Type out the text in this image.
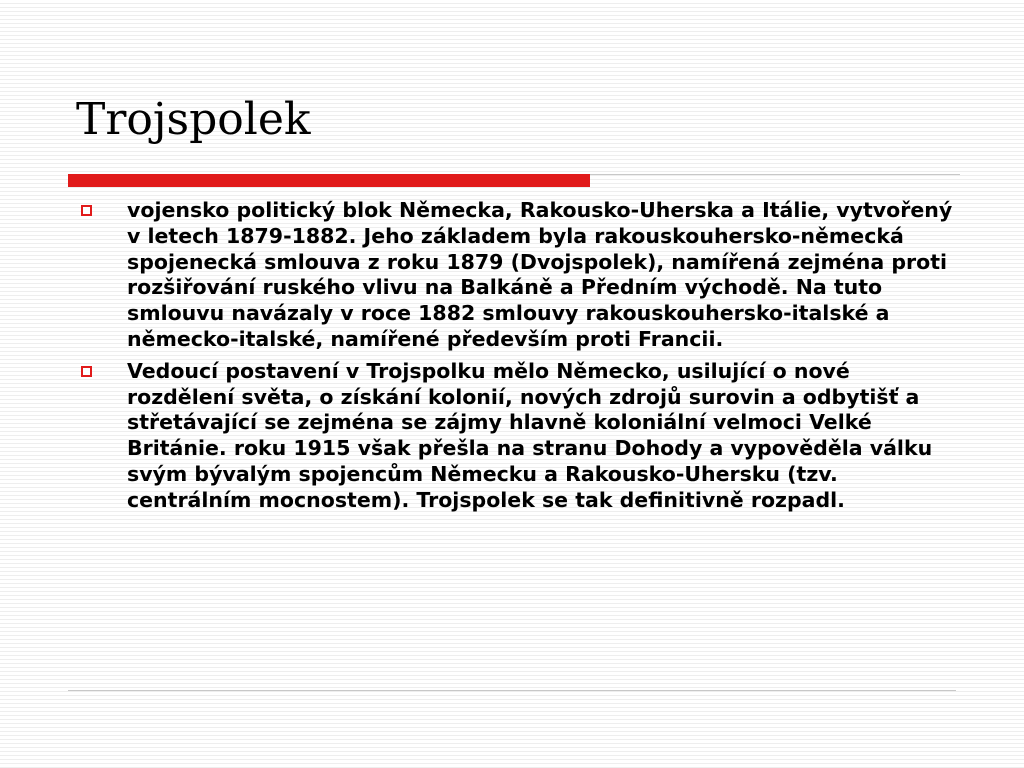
Trojspolek
vojensko politický blok Německa, Rakousko-Uherska a Itálie, vytvořený v letech 1879-1882. Jeho základem byla rakouskouhersko-německá spojenecká smlouva z roku 1879 (Dvojspolek), namířená zejména proti rozšiřování ruského vlivu na Balkáně a Předním východě. Na tuto smlouvu navázaly v roce 1882 smlouvy rakouskouhersko-italské a německo-italské, namířené především proti Francii.
Vedoucí postavení v Trojspolku mělo Německo, usilující o nové rozdělení světa, o získání kolonií, nových zdrojů surovin a odbytišť a střetávající se zejména se zájmy hlavně koloniální velmoci Velké Británie. roku 1915 však přešla na stranu Dohody a vypověděla válku svým bývalým spojencům Německu a Rakousko-Uhersku (tzv. centrálním mocnostem). Trojspolek se tak definitivně rozpadl.
